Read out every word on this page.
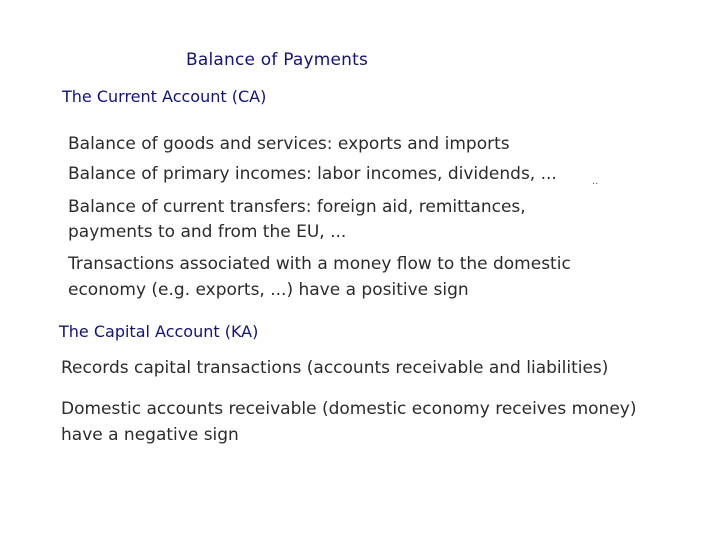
Balance of Payments
The Current Account (CA)
Balance of goods and services: exports and imports
Balance of primary incomes: labor incomes, dividends, ...	..
Balance of current transfers: foreign aid, remittances,
payments to and from the EU, ...
Transactions associated with a money flow to the domestic
economy (e.g. exports, ...) have a positive sign
The Capital Account (KA)
Records capital transactions (accounts receivable and liabilities)
Domestic accounts receivable (domestic economy receives money)
have a negative sign
